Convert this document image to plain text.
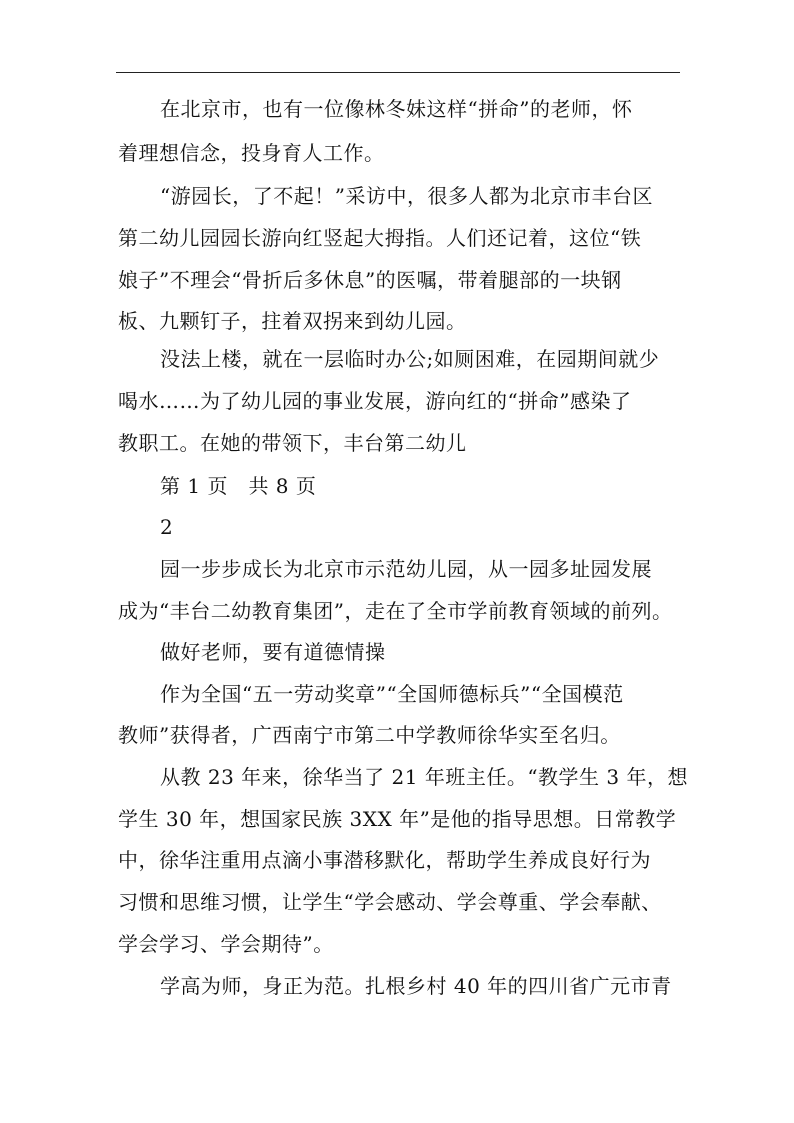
在北京市，也有一位像林冬妹这样“拼命”的老师，怀
着理想信念，投身育人工作。
“游园长，了不起！”采访中，很多人都为北京市丰台区
第二幼儿园园长游向红竖起大拇指。人们还记着，这位“铁
娘子”不理会“骨折后多休息”的医嘱，带着腿部的一块钢
板、九颗钉子，拄着双拐来到幼儿园。
没法上楼，就在一层临时办公;如厕困难，在园期间就少
喝水……为了幼儿园的事业发展，游向红的“拼命”感染了
教职工。在她的带领下，丰台第二幼儿
第 1 页　共 8 页
2
园一步步成长为北京市示范幼儿园，从一园多址园发展
成为“丰台二幼教育集团”，走在了全市学前教育领域的前列。
做好老师，要有道德情操
作为全国“五一劳动奖章”“全国师德标兵”“全国模范
教师”获得者，广西南宁市第二中学教师徐华实至名归。
从教 23 年来，徐华当了 21 年班主任。“教学生 3 年，想
学生 30 年，想国家民族 3XX 年”是他的指导思想。日常教学
中，徐华注重用点滴小事潜移默化，帮助学生养成良好行为
习惯和思维习惯，让学生“学会感动、学会尊重、学会奉献、
学会学习、学会期待”。
学高为师，身正为范。扎根乡村 40 年的四川省广元市青
